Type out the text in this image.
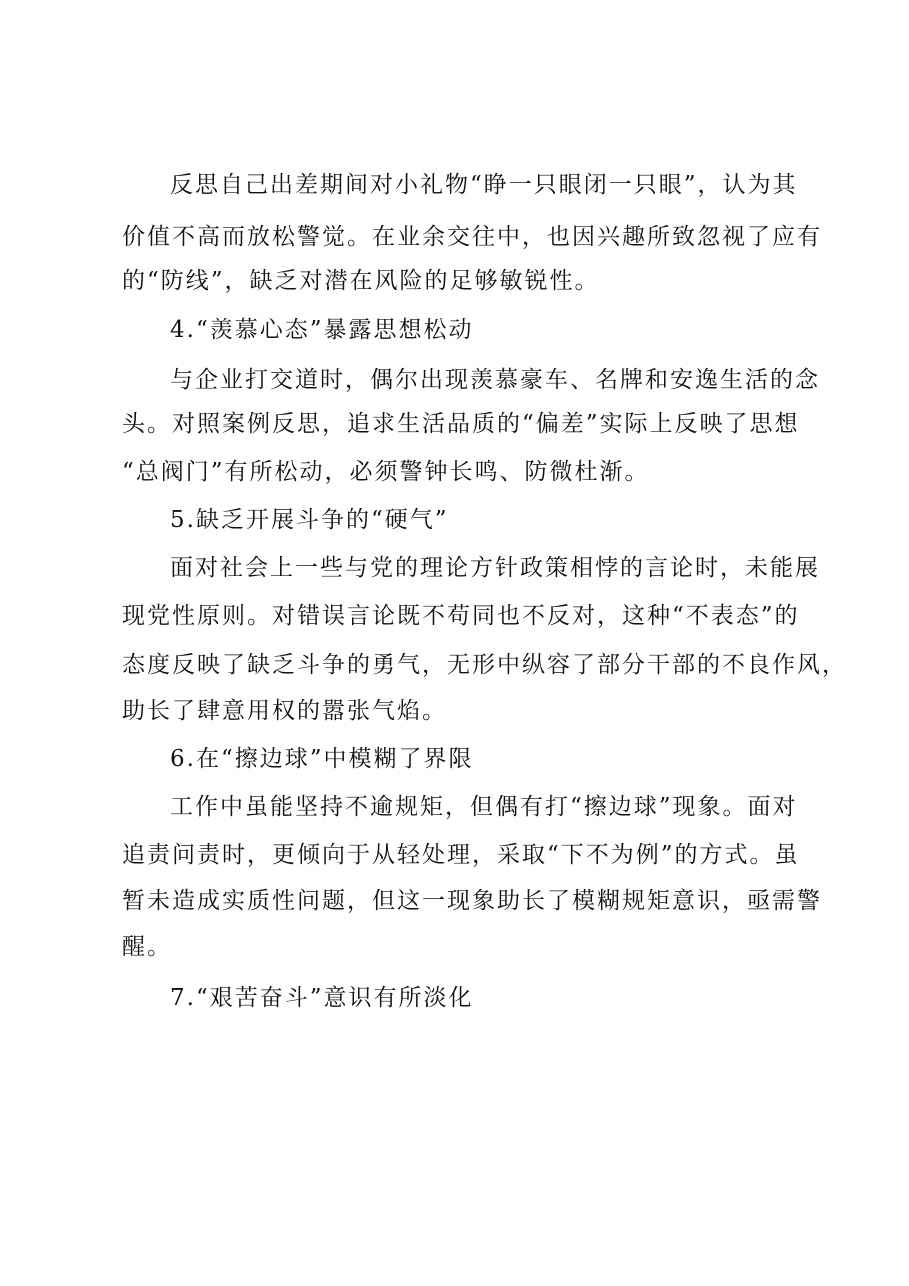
反思自己出差期间对小礼物“睁一只眼闭一只眼”，认为其
价值不高而放松警觉。在业余交往中，也因兴趣所致忽视了应有
的“防线”，缺乏对潜在风险的足够敏锐性。
4.“羡慕心态”暴露思想松动
与企业打交道时，偶尔出现羡慕豪车、名牌和安逸生活的念
头。对照案例反思，追求生活品质的“偏差”实际上反映了思想
“总阀门”有所松动，必须警钟长鸣、防微杜渐。
5.缺乏开展斗争的“硬气”
面对社会上一些与党的理论方针政策相悖的言论时，未能展
现党性原则。对错误言论既不苟同也不反对，这种“不表态”的
态度反映了缺乏斗争的勇气，无形中纵容了部分干部的不良作风，
助长了肆意用权的嚣张气焰。
6.在“擦边球”中模糊了界限
工作中虽能坚持不逾规矩，但偶有打“擦边球”现象。面对
追责问责时，更倾向于从轻处理，采取“下不为例”的方式。虽
暂未造成实质性问题，但这一现象助长了模糊规矩意识，亟需警
醒。
7.“艰苦奋斗”意识有所淡化
